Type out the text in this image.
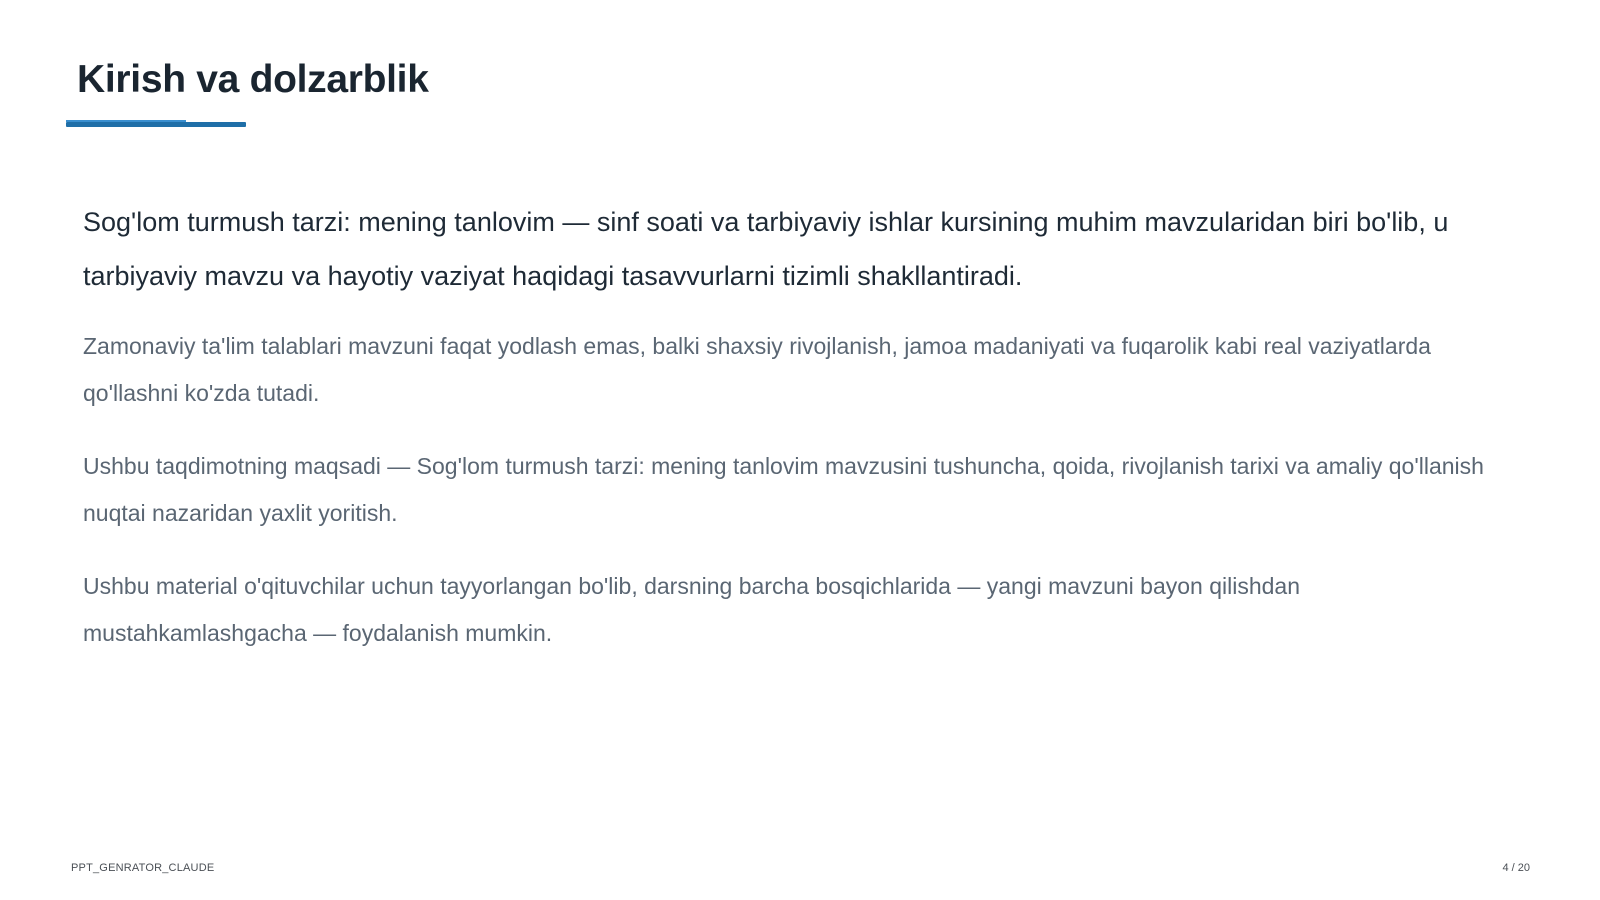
Kirish va dolzarblik

Sog'lom turmush tarzi: mening tanlovim — sinf soati va tarbiyaviy ishlar kursining muhim mavzularidan biri bo'lib, u tarbiyaviy mavzu va hayotiy vaziyat haqidagi tasavvurlarni tizimli shakllantiradi.

Zamonaviy ta'lim talablari mavzuni faqat yodlash emas, balki shaxsiy rivojlanish, jamoa madaniyati va fuqarolik kabi real vaziyatlarda qo'llashni ko'zda tutadi.

Ushbu taqdimotning maqsadi — Sog'lom turmush tarzi: mening tanlovim mavzusini tushuncha, qoida, rivojlanish tarixi va amaliy qo'llanish nuqtai nazaridan yaxlit yoritish.

Ushbu material o'qituvchilar uchun tayyorlangan bo'lib, darsning barcha bosqichlarida — yangi mavzuni bayon qilishdan mustahkamlashgacha — foydalanish mumkin.

PPT_GENRATOR_CLAUDE	4 / 20
